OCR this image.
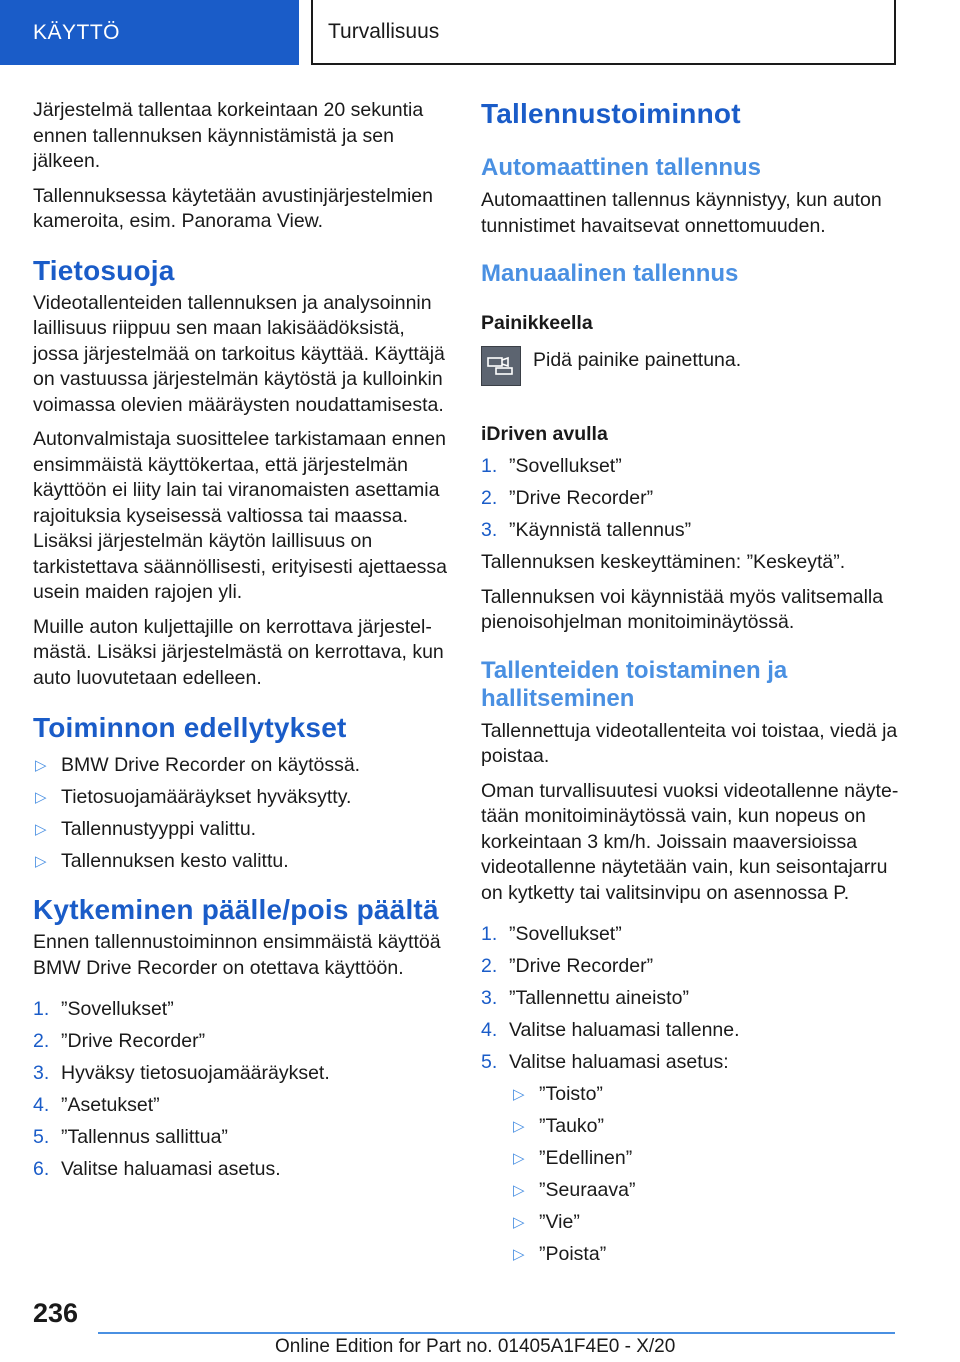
KÄYTTÖ	Turvallisuus

Järjestelmä tallentaa korkeintaan 20 sekuntia ennen tallennuksen käynnistämistä ja sen jälkeen.

Tallennuksessa käytetään avustinjärjestelmien kameroita, esim. Panorama View.

Tietosuoja

Videotallenteiden tallennuksen ja analysoinnin laillisuus riippuu sen maan lakisäädöksistä, jossa järjestelmää on tarkoitus käyttää. Käyttäjä on vastuussa järjestelmän käytöstä ja kulloinkin voimassa olevien määräysten noudattamisesta.

Autonvalmistaja suosittelee tarkistamaan ennen ensimmäistä käyttökertaa, että järjestelmän käyttöön ei liity lain tai viranomaisten asettamia rajoituksia kyseisessä valtiossa tai maassa. Lisäksi järjestelmän käytön laillisuus on tarkistettava säännöllisesti, erityisesti ajettaessa usein maiden rajojen yli.

Muille auton kuljettajille on kerrottava järjestelmästä. Lisäksi järjestelmästä on kerrottava, kun auto luovutetaan edelleen.

Toiminnon edellytykset
▷ BMW Drive Recorder on käytössä.
▷ Tietosuojamääräykset hyväksytty.
▷ Tallennustyyppi valittu.
▷ Tallennuksen kesto valittu.
Kytkeminen päälle/pois päältä

Ennen tallennustoiminnon ensimmäistä käyttöä BMW Drive Recorder on otettava käyttöön.

1. ”Sovellukset”
2. ”Drive Recorder”
3. Hyväksy tietosuojamääräykset.
4. ”Asetukset”
5. ”Tallennus sallittua”
6. Valitse haluamasi asetus.
Tallennustoiminnot
Automaattinen tallennus

Automaattinen tallennus käynnistyy, kun auton tunnistimet havaitsevat onnettomuuden.

Manuaalinen tallennus
Painikkeella
Pidä painike painettuna.
iDriven avulla
1. ”Sovellukset”
2. ”Drive Recorder”
3. ”Käynnistä tallennus”

Tallennuksen keskeyttäminen: ”Keskeytä”.

Tallennuksen voi käynnistää myös valitsemalla pienoisohjelman monitoiminäytössä.

Tallenteiden toistaminen ja
hallitseminen

Tallennettuja videotallenteita voi toistaa, viedä ja poistaa.

Oman turvallisuutesi vuoksi videotallenne näytetään monitoiminäytössä vain, kun nopeus on korkeintaan 3 km/h. Joissain maaversioissa videotallenne näytetään vain, kun seisontajarru on kytketty tai valitsinvipu on asennossa P.

1. ”Sovellukset”
2. ”Drive Recorder”
3. ”Tallennettu aineisto”
4. Valitse haluamasi tallenne.
5. Valitse haluamasi asetus:
▷ ”Toisto”
▷ ”Tauko”
▷ ”Edellinen”
▷ ”Seuraava”
▷ ”Vie”
▷ ”Poista”
236
Online Edition for Part no. 01405A1F4E0 - X/20
